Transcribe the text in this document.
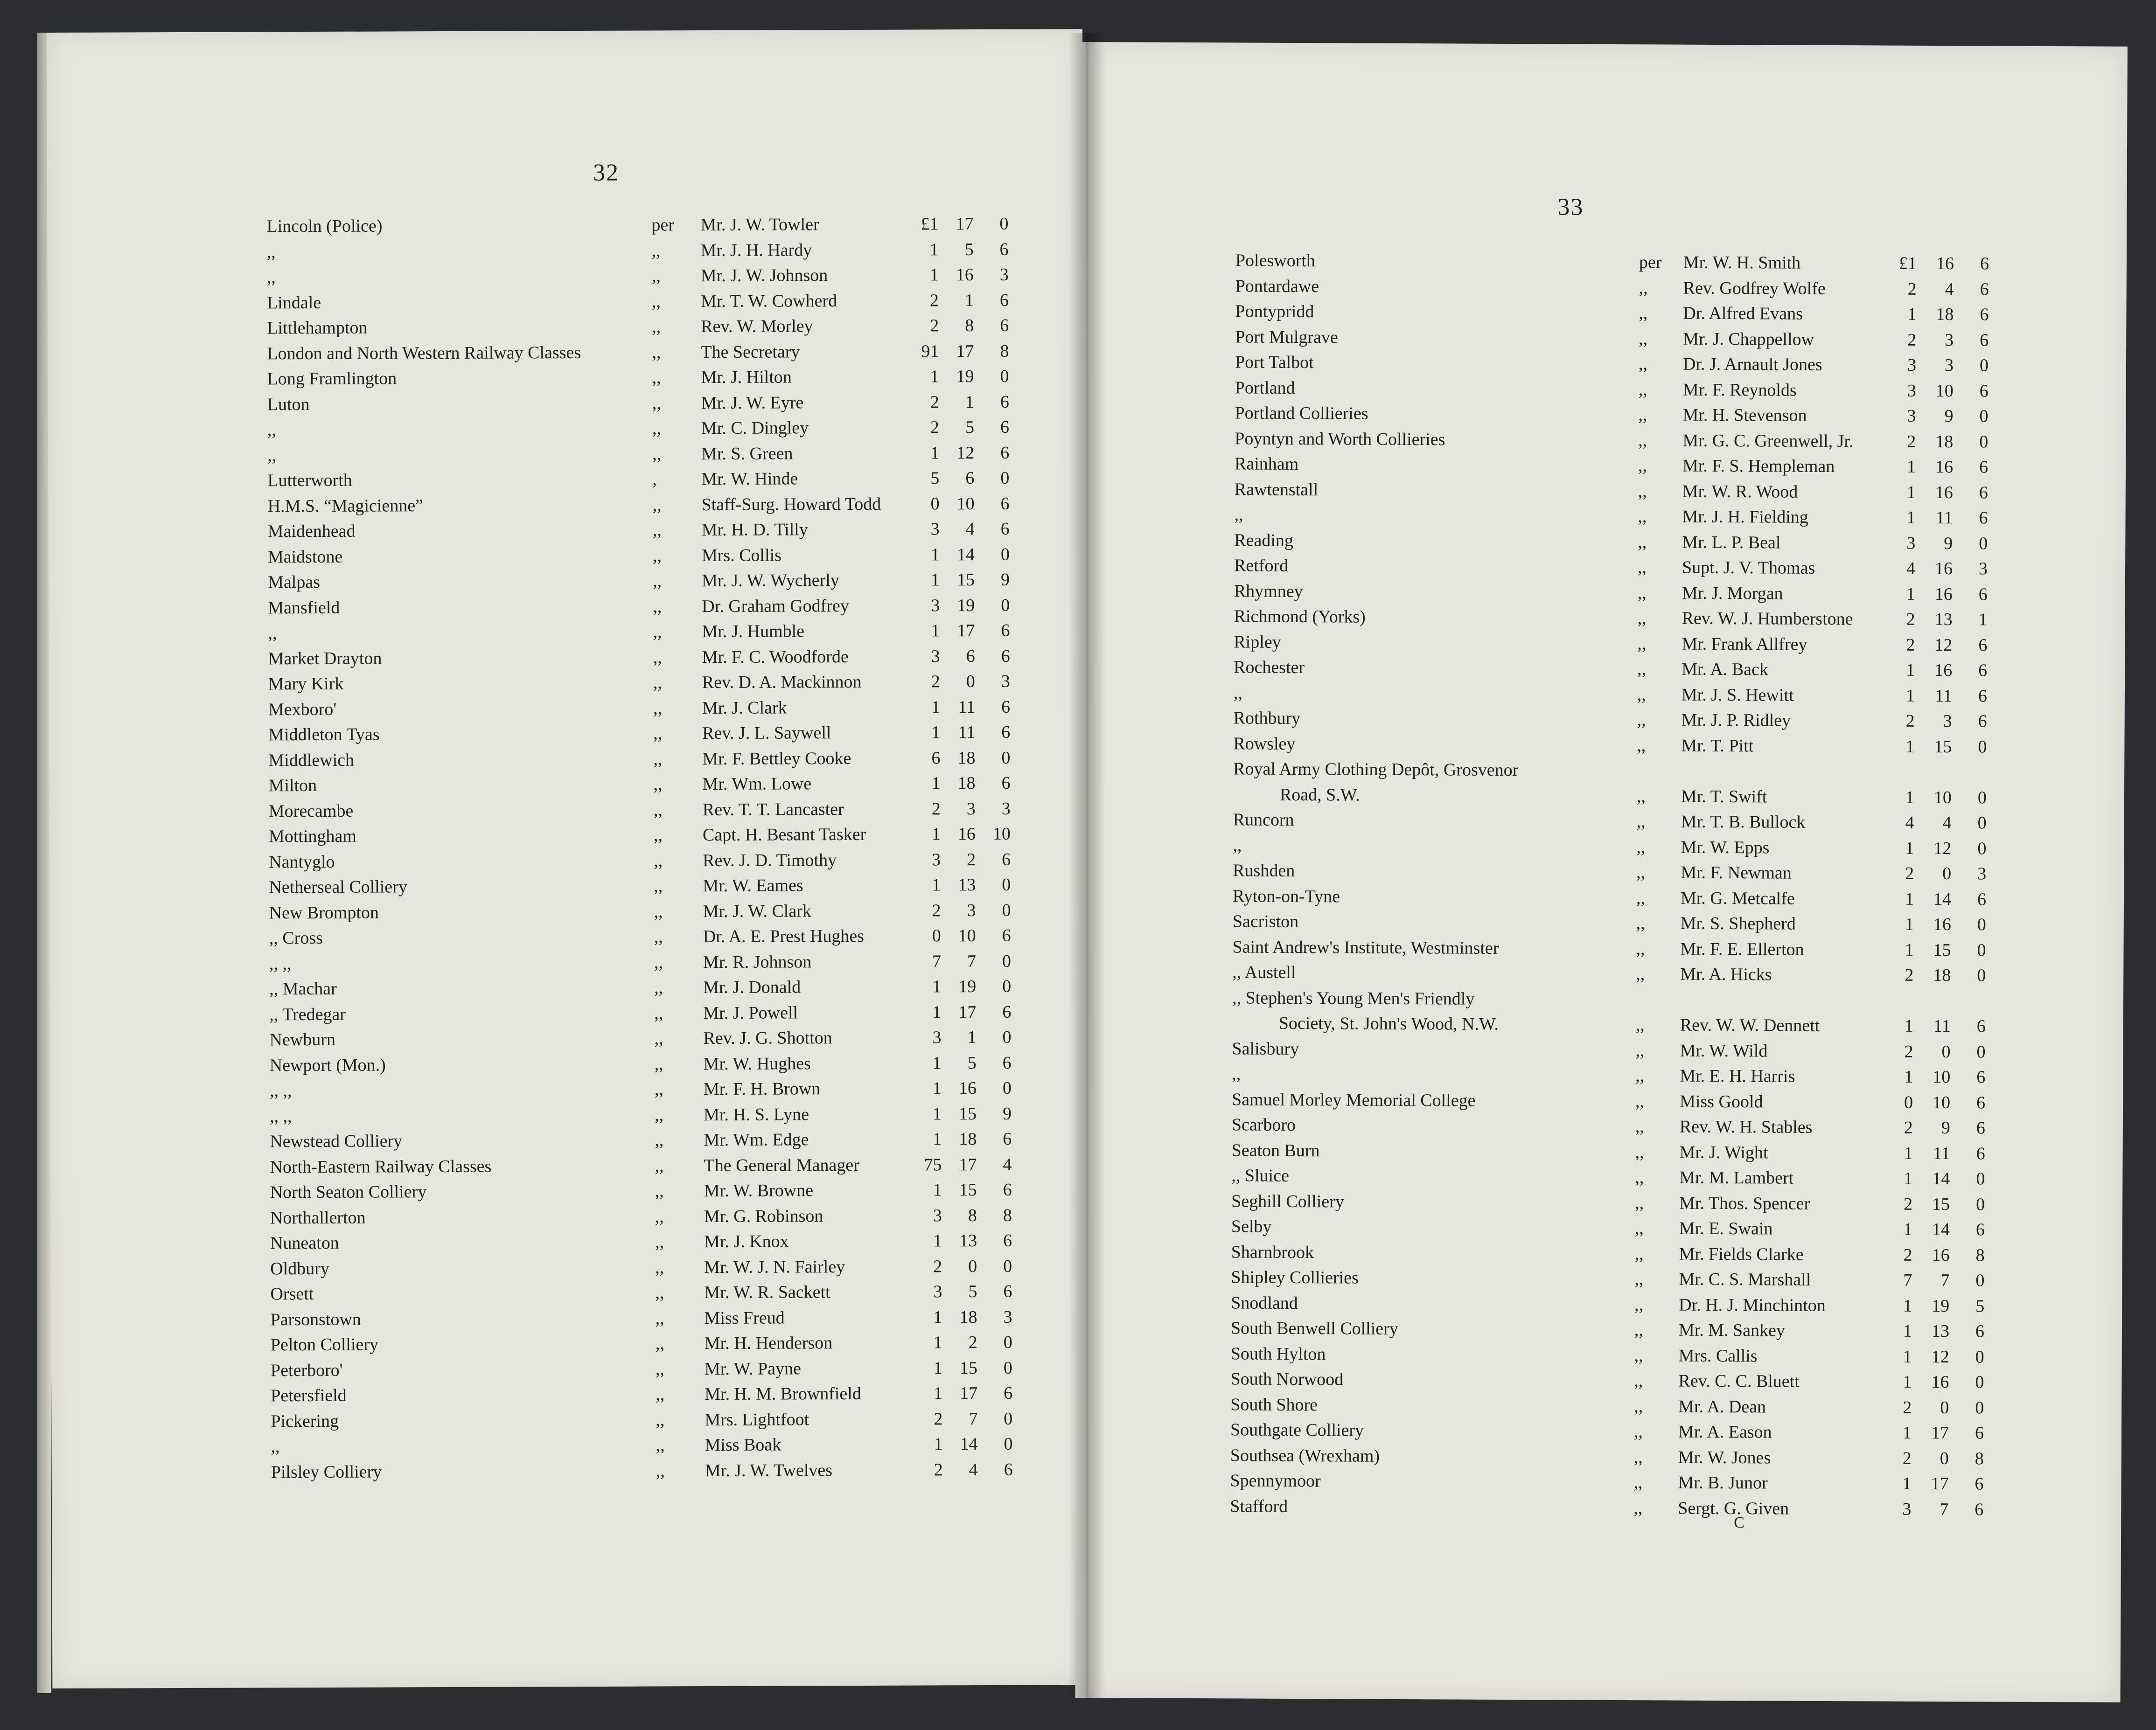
32
Lincoln (Police)	per Mr. J. W. Towler	£1 17	0
,,	,, Mr. J. H. Hardy	1	5	6
,,	,, Mr. J. W. Johnson	1 16	3
Lindale	,, Mr. T. W. Cowherd	2	1	6
Littlehampton	,, Rev. W. Morley	2	8	6
London and North Western Railway Classes	,, The Secretary	91 17	8
Long Framlington	,, Mr. J. Hilton	1 19	0
Luton	,, Mr. J. W. Eyre	2	1	6
,,	,, Mr. C. Dingley	2	5	6
,,	,, Mr. S. Green	1 12	6
Lutterworth	,	Mr. W. Hinde	5	6	0
H.M.S. “Magicienne”	,, Staff-Surg. Howard Todd	0 10	6
Maidenhead	,, Mr. H. D. Tilly	3	4	6
Maidstone	,, Mrs. Collis	1 14	0
Malpas	,, Mr. J. W. Wycherly	1 15	9
Mansfield	,, Dr. Graham Godfrey	3 19	0
,,	,, Mr. J. Humble	1 17	6
Market Drayton	,, Mr. F. C. Woodforde	3	6	6
Mary Kirk	,, Rev. D. A. Mackinnon	2	0	3
Mexboro'	,, Mr. J. Clark	1	11	6
Middleton Tyas	,, Rev. J. L. Saywell	1	11	6
Middlewich	,, Mr. F. Bettley Cooke	6 18	0
Milton	,, Mr. Wm. Lowe	1 18	6
Morecambe	,, Rev. T. T. Lancaster	2	3	3
Mottingham	,, Capt. H. Besant Tasker	1 16 10
Nantyglo	,, Rev. J. D. Timothy	3	2	6
Netherseal Colliery	,, Mr. W. Eames	1 13	0
New Brompton	,, Mr. J. W. Clark	2	3	0
,, Cross	,, Dr. A. E. Prest Hughes	0 10	6
,, ,,	,, Mr. R. Johnson	7	7	0
,, Machar	,, Mr. J. Donald	1 19	0
,, Tredegar	,, Mr. J. Powell	1 17	6
Newburn	,, Rev. J. G. Shotton	3	1	0
Newport (Mon.)	,, Mr. W. Hughes	1	5	6
,, ,,	,, Mr. F. H. Brown	1 16	0
,, ,,	,, Mr. H. S. Lyne	1 15	9
Newstead Colliery	,, Mr. Wm. Edge	1 18	6
North-Eastern Railway Classes	,, The General Manager	75 17	4
North Seaton Colliery	,, Mr. W. Browne	1 15	6
Northallerton	,, Mr. G. Robinson	3	8	8
Nuneaton	,, Mr. J. Knox	1 13	6
Oldbury	,, Mr. W. J. N. Fairley	2	0	0
Orsett	,, Mr. W. R. Sackett	3	5	6
Parsonstown	,, Miss Freud	1 18	3
Pelton Colliery	,, Mr. H. Henderson	1	2	0
Peterboro'	,, Mr. W. Payne	1 15	0
Petersfield	,, Mr. H. M. Brownfield	1 17	6
Pickering	,, Mrs. Lightfoot	2	7	0
,,	,, Miss Boak	1 14	0
Pilsley Colliery	,, Mr. J. W. Twelves	2	4	6
33
Polesworth	per Mr. W. H. Smith	£1	16	6
Pontardawe	,, Rev. Godfrey Wolfe	2	4	6
Pontypridd	,, Dr. Alfred Evans	1	18	6
Port Mulgrave	,, Mr. J. Chappellow	2	3	6
Port Talbot	,, Dr. J. Arnault Jones	3	3	0
Portland	,, Mr. F. Reynolds	3	10	6
Portland Collieries	,, Mr. H. Stevenson	3	9	0
Poyntyn and Worth Collieries	,, Mr. G. C. Greenwell, Jr.	2	18	0
Rainham	,, Mr. F. S. Hempleman	1	16	6
Rawtenstall	,, Mr. W. R. Wood	1	16	6
,,	,, Mr. J. H. Fielding	1	11	6
Reading	,, Mr. L. P. Beal	3	9	0
Retford	,, Supt. J. V. Thomas	4	16	3
Rhymney	,, Mr. J. Morgan	1	16	6
Richmond (Yorks)	,, Rev. W. J. Humberstone	2	13	1
Ripley	,, Mr. Frank Allfrey	2	12	6
Rochester	,, Mr. A. Back	1	16	6
,,	,, Mr. J. S. Hewitt	1	11	6
Rothbury	,, Mr. J. P. Ridley	2	3	6
Rowsley	,, Mr. T. Pitt	1	15	0
Royal Army Clothing Depôt, Grosvenor
Road, S.W.	,, Mr. T. Swift	1	10	0
Runcorn	,, Mr. T. B. Bullock	4	4	0
,,	,, Mr. W. Epps	1	12	0
Rushden	,, Mr. F. Newman	2	0	3
Ryton-on-Tyne	,, Mr. G. Metcalfe	1	14	6
Sacriston	,, Mr. S. Shepherd	1	16	0
Saint Andrew's Institute, Westminster	,, Mr. F. E. Ellerton	1	15	0
,, Austell	,, Mr. A. Hicks	2	18	0
,, Stephen's Young Men's Friendly
Society, St. John's Wood, N.W.	,, Rev. W. W. Dennett	1	11	6
Salisbury	,, Mr. W. Wild	2	0	0
,,	,, Mr. E. H. Harris	1	10	6
Samuel Morley Memorial College	,, Miss Goold	0	10	6
Scarboro	,, Rev. W. H. Stables	2	9	6
Seaton Burn	,, Mr. J. Wight	1	11	6
,, Sluice	,, Mr. M. Lambert	1	14	0
Seghill Colliery	,, Mr. Thos. Spencer	2	15	0
Selby	,, Mr. E. Swain	1	14	6
Sharnbrook	,, Mr. Fields Clarke	2	16	8
Shipley Collieries	,, Mr. C. S. Marshall	7	7	0
Snodland	,, Dr. H. J. Minchinton	1	19	5
South Benwell Colliery	,, Mr. M. Sankey	1	13	6
South Hylton	,, Mrs. Callis	1	12	0
South Norwood	,, Rev. C. C. Bluett	1	16	0
South Shore	,, Mr. A. Dean	2	0	0
Southgate Colliery	,, Mr. A. Eason	1	17	6
Southsea (Wrexham)	,, Mr. W. Jones	2	0	8
Spennymoor	,, Mr. B. Junor	1	17	6
Stafford	,, Sergt. G. Given	3	7	6
C
